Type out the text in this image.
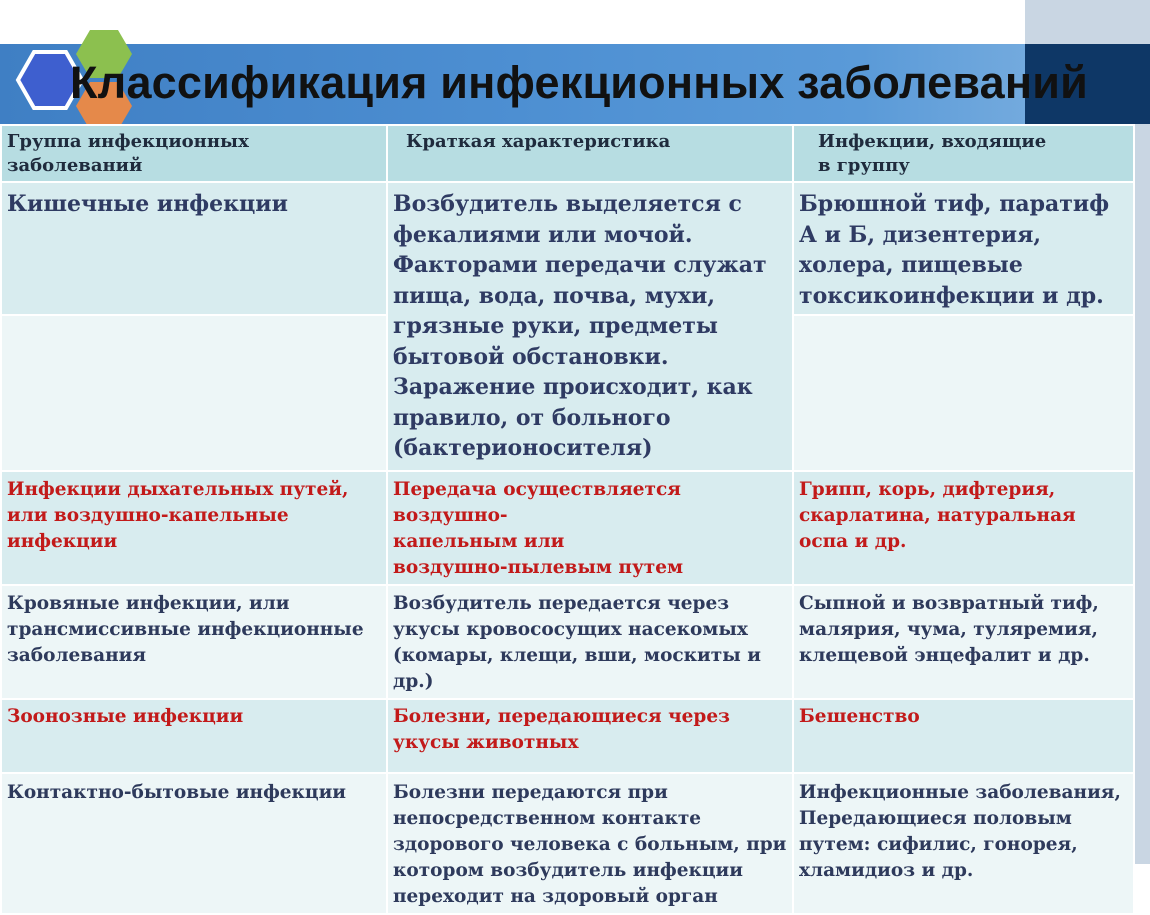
Классификация инфекционных заболеваний
Группа инфекционных заболеваний	Краткая характеристика	Инфекции, входящие
в группу
Кишечные инфекции	Возбудитель выделяется с фекалиями или мочой. Факторами передачи служат пища, вода, почва, мухи, грязные руки, предметы бытовой обстановки. Заражение происходит, как правило, от больного (бактерионосителя)	Брюшной тиф, паратиф А и Б, дизентерия, холера, пищевые токсикоинфекции и др.

Инфекции дыхательных путей, или воздушно-капельные инфекции	Передача осуществляется воздушно-
капельным или
воздушно-пылевым путем	Грипп, корь, дифтерия, скарлатина, натуральная оспа и др.
Кровяные инфекции, или трансмиссивные инфекционные заболевания	Возбудитель передается через укусы кровососущих насекомых (комары, клещи, вши, москиты и др.)	Сыпной и возвратный тиф, малярия, чума, туляремия, клещевой энцефалит и др.
Зоонозные инфекции	Болезни, передающиеся через укусы животных	Бешенство
Контактно-бытовые инфекции	Болезни передаются при непосредственном контакте здорового человека с больным, при котором возбудитель инфекции переходит на здоровый орган	Инфекционные заболевания, Передающиеся половым путем: сифилис, гонорея, хламидиоз и др.
